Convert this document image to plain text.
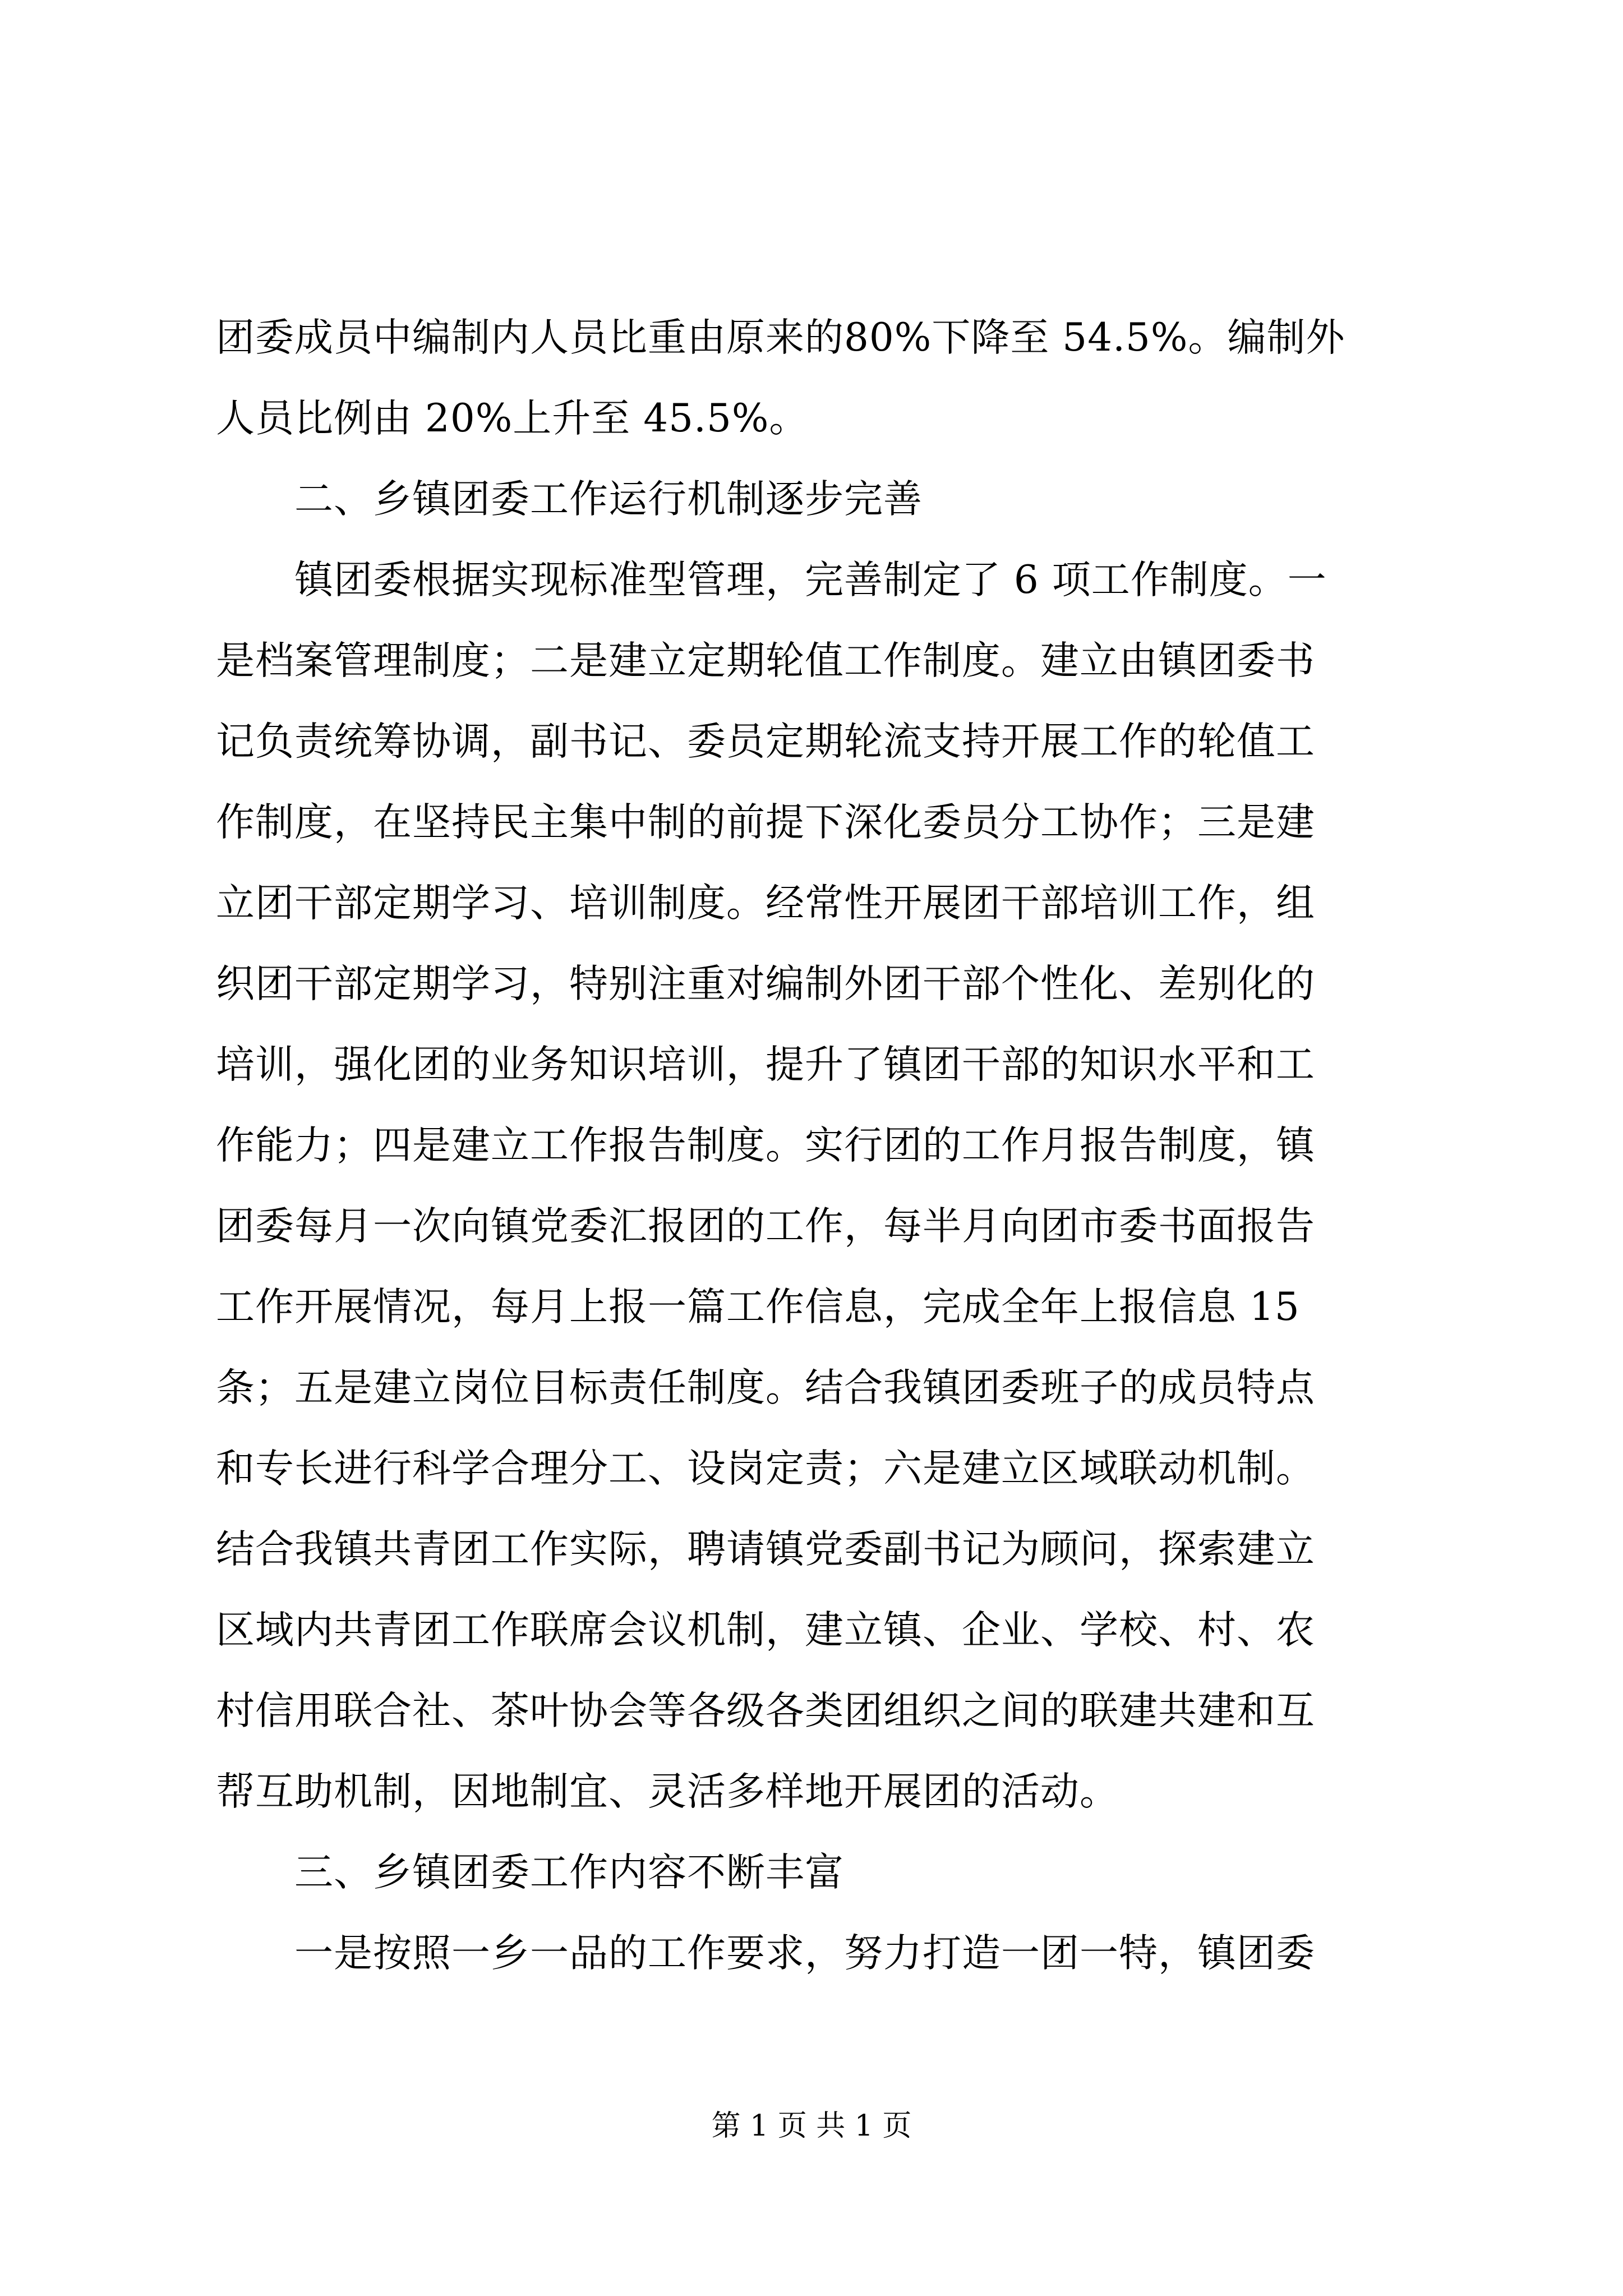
团委成员中编制内人员比重由原来的80%下降至 54.5%。编制外
人员比例由 20%上升至 45.5%。
　　二、乡镇团委工作运行机制逐步完善
　　镇团委根据实现标准型管理，完善制定了 6 项工作制度。一
是档案管理制度；二是建立定期轮值工作制度。建立由镇团委书
记负责统筹协调，副书记、委员定期轮流支持开展工作的轮值工
作制度，在坚持民主集中制的前提下深化委员分工协作；三是建
立团干部定期学习、培训制度。经常性开展团干部培训工作，组
织团干部定期学习，特别注重对编制外团干部个性化、差别化的
培训，强化团的业务知识培训，提升了镇团干部的知识水平和工
作能力；四是建立工作报告制度。实行团的工作月报告制度，镇
团委每月一次向镇党委汇报团的工作，每半月向团市委书面报告
工作开展情况，每月上报一篇工作信息，完成全年上报信息 15
条；五是建立岗位目标责任制度。结合我镇团委班子的成员特点
和专长进行科学合理分工、设岗定责；六是建立区域联动机制。
结合我镇共青团工作实际，聘请镇党委副书记为顾问，探索建立
区域内共青团工作联席会议机制，建立镇、企业、学校、村、农
村信用联合社、茶叶协会等各级各类团组织之间的联建共建和互
帮互助机制，因地制宜、灵活多样地开展团的活动。
　　三、乡镇团委工作内容不断丰富
　　一是按照一乡一品的工作要求，努力打造一团一特，镇团委
第 1 页 共 1 页
